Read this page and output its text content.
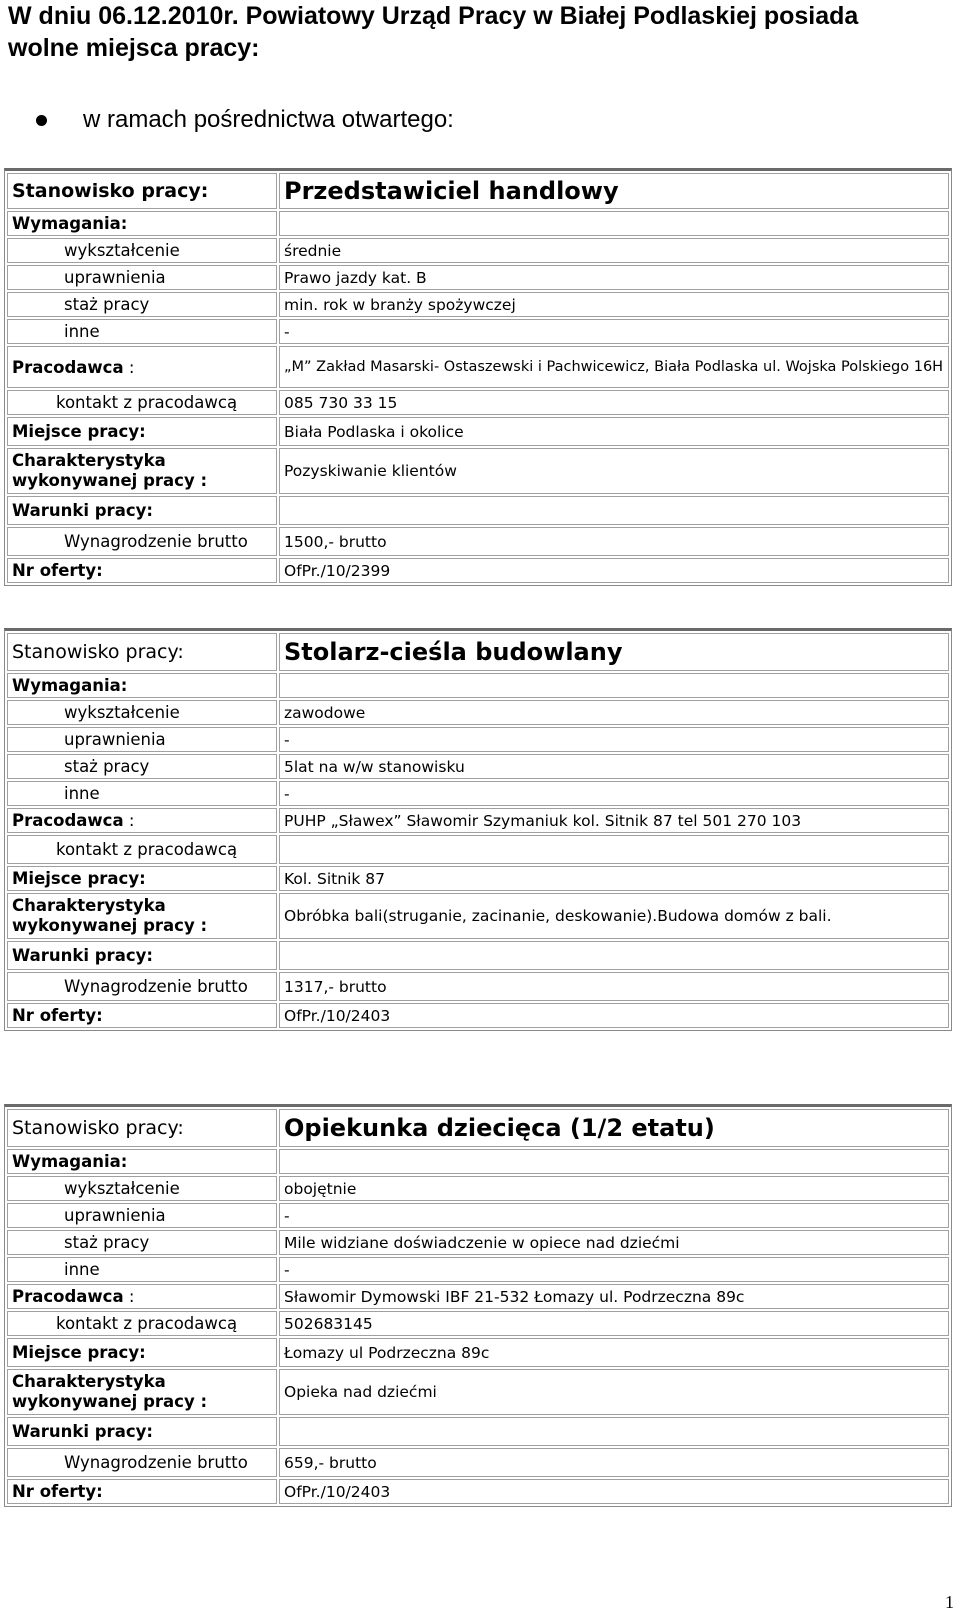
W dniu 06.12.2010r. Powiatowy Urząd Pracy w Białej Podlaskiej posiada
wolne miejsca pracy:
w ramach pośrednictwa otwartego:
Stanowisko pracy:	Przedstawiciel handlowy
Wymagania:	
wykształcenie	średnie
uprawnienia	Prawo jazdy kat. B
staż pracy	min. rok w branży spożywczej
inne	-
Pracodawca :	„M” Zakład Masarski- Ostaszewski i Pachwicewicz, Biała Podlaska ul. Wojska Polskiego 16H
kontakt z pracodawcą	085 730 33 15
Miejsce pracy:	Biała Podlaska i okolice

Charakterystyka
wykonywanej pracy :	Pozyskiwanie klientów
Warunki pracy:	
Wynagrodzenie brutto	1500,- brutto
Nr oferty:	OfPr./10/2399
Stanowisko pracy:	Stolarz-cieśla budowlany
Wymagania:	
wykształcenie	zawodowe
uprawnienia	-
staż pracy	5lat na w/w stanowisku
inne	-
Pracodawca :	PUHP „Sławex” Sławomir Szymaniuk kol. Sitnik 87 tel 501 270 103
kontakt z pracodawcą	
Miejsce pracy:	Kol. Sitnik 87

Charakterystyka
wykonywanej pracy :	Obróbka bali(struganie, zacinanie, deskowanie).Budowa domów z bali.
Warunki pracy:	
Wynagrodzenie brutto	1317,- brutto
Nr oferty:	OfPr./10/2403
Stanowisko pracy:	Opiekunka dziecięca (1/2 etatu)
Wymagania:	
wykształcenie	obojętnie
uprawnienia	-
staż pracy	Mile widziane doświadczenie w opiece nad dziećmi
inne	-
Pracodawca :	Sławomir Dymowski IBF 21-532 Łomazy ul. Podrzeczna 89c
kontakt z pracodawcą	502683145
Miejsce pracy:	Łomazy ul Podrzeczna 89c

Charakterystyka
wykonywanej pracy :	Opieka nad dziećmi
Warunki pracy:	
Wynagrodzenie brutto	659,- brutto
Nr oferty:	OfPr./10/2403
1
